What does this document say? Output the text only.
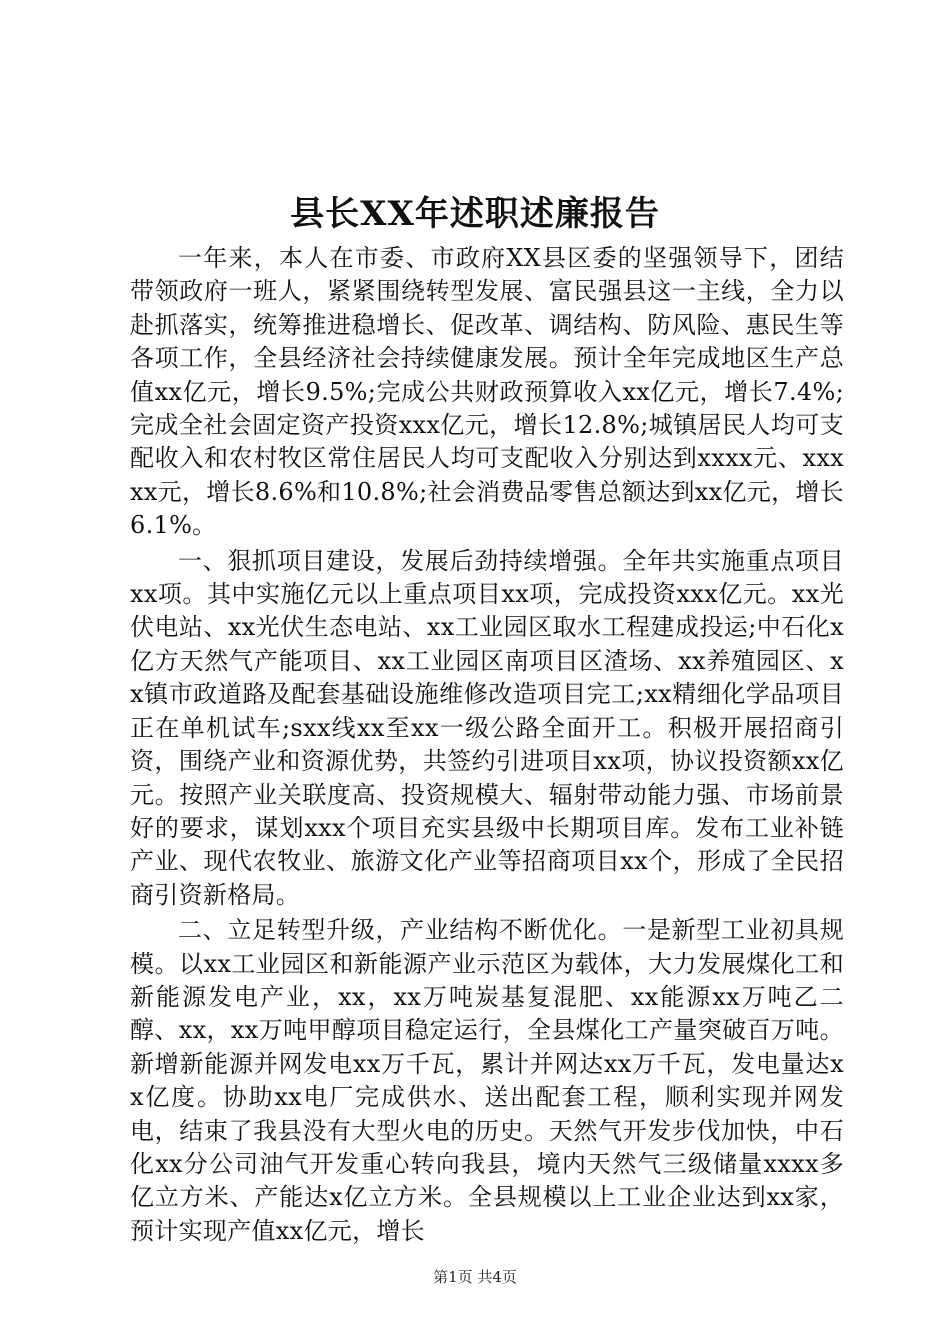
县长XX年述职述廉报告

一年来，本人在市委、市政府XX县区委的坚强领导下，团结带领政府一班人，紧紧围绕转型发展、富民强县这一主线，全力以赴抓落实，统筹推进稳增长、促改革、调结构、防风险、惠民生等各项工作，全县经济社会持续健康发展。预计全年完成地区生产总值xx亿元，增长9.5%;完成公共财政预算收入xx亿元，增长7.4%;完成全社会固定资产投资xxx亿元，增长12.8%;城镇居民人均可支配收入和农村牧区常住居民人均可支配收入分别达到xxxx元、xxxxx元，增长8.6%和10.8%;社会消费品零售总额达到xx亿元，增长6.1%。

一、狠抓项目建设，发展后劲持续增强。全年共实施重点项目xx项。其中实施亿元以上重点项目xx项，完成投资xxx亿元。xx光伏电站、xx光伏生态电站、xx工业园区取水工程建成投运;中石化x亿方天然气产能项目、xx工业园区南项目区渣场、xx养殖园区、xx镇市政道路及配套基础设施维修改造项目完工;xx精细化学品项目正在单机试车;sxx线xx至xx一级公路全面开工。积极开展招商引资，围绕产业和资源优势，共签约引进项目xx项，协议投资额xx亿元。按照产业关联度高、投资规模大、辐射带动能力强、市场前景好的要求，谋划xxx个项目充实县级中长期项目库。发布工业补链产业、现代农牧业、旅游文化产业等招商项目xx个，形成了全民招商引资新格局。

二、立足转型升级，产业结构不断优化。一是新型工业初具规模。以xx工业园区和新能源产业示范区为载体，大力发展煤化工和新能源发电产业，xx，xx万吨炭基复混肥、xx能源xx万吨乙二醇、xx，xx万吨甲醇项目稳定运行，全县煤化工产量突破百万吨。新增新能源并网发电xx万千瓦，累计并网达xx万千瓦，发电量达xx亿度。协助xx电厂完成供水、送出配套工程，顺利实现并网发电，结束了我县没有大型火电的历史。天然气开发步伐加快，中石化xx分公司油气开发重心转向我县，境内天然气三级储量xxxx多亿立方米、产能达x亿立方米。全县规模以上工业企业达到xx家，预计实现产值xx亿元，增长

第1页 共4页
